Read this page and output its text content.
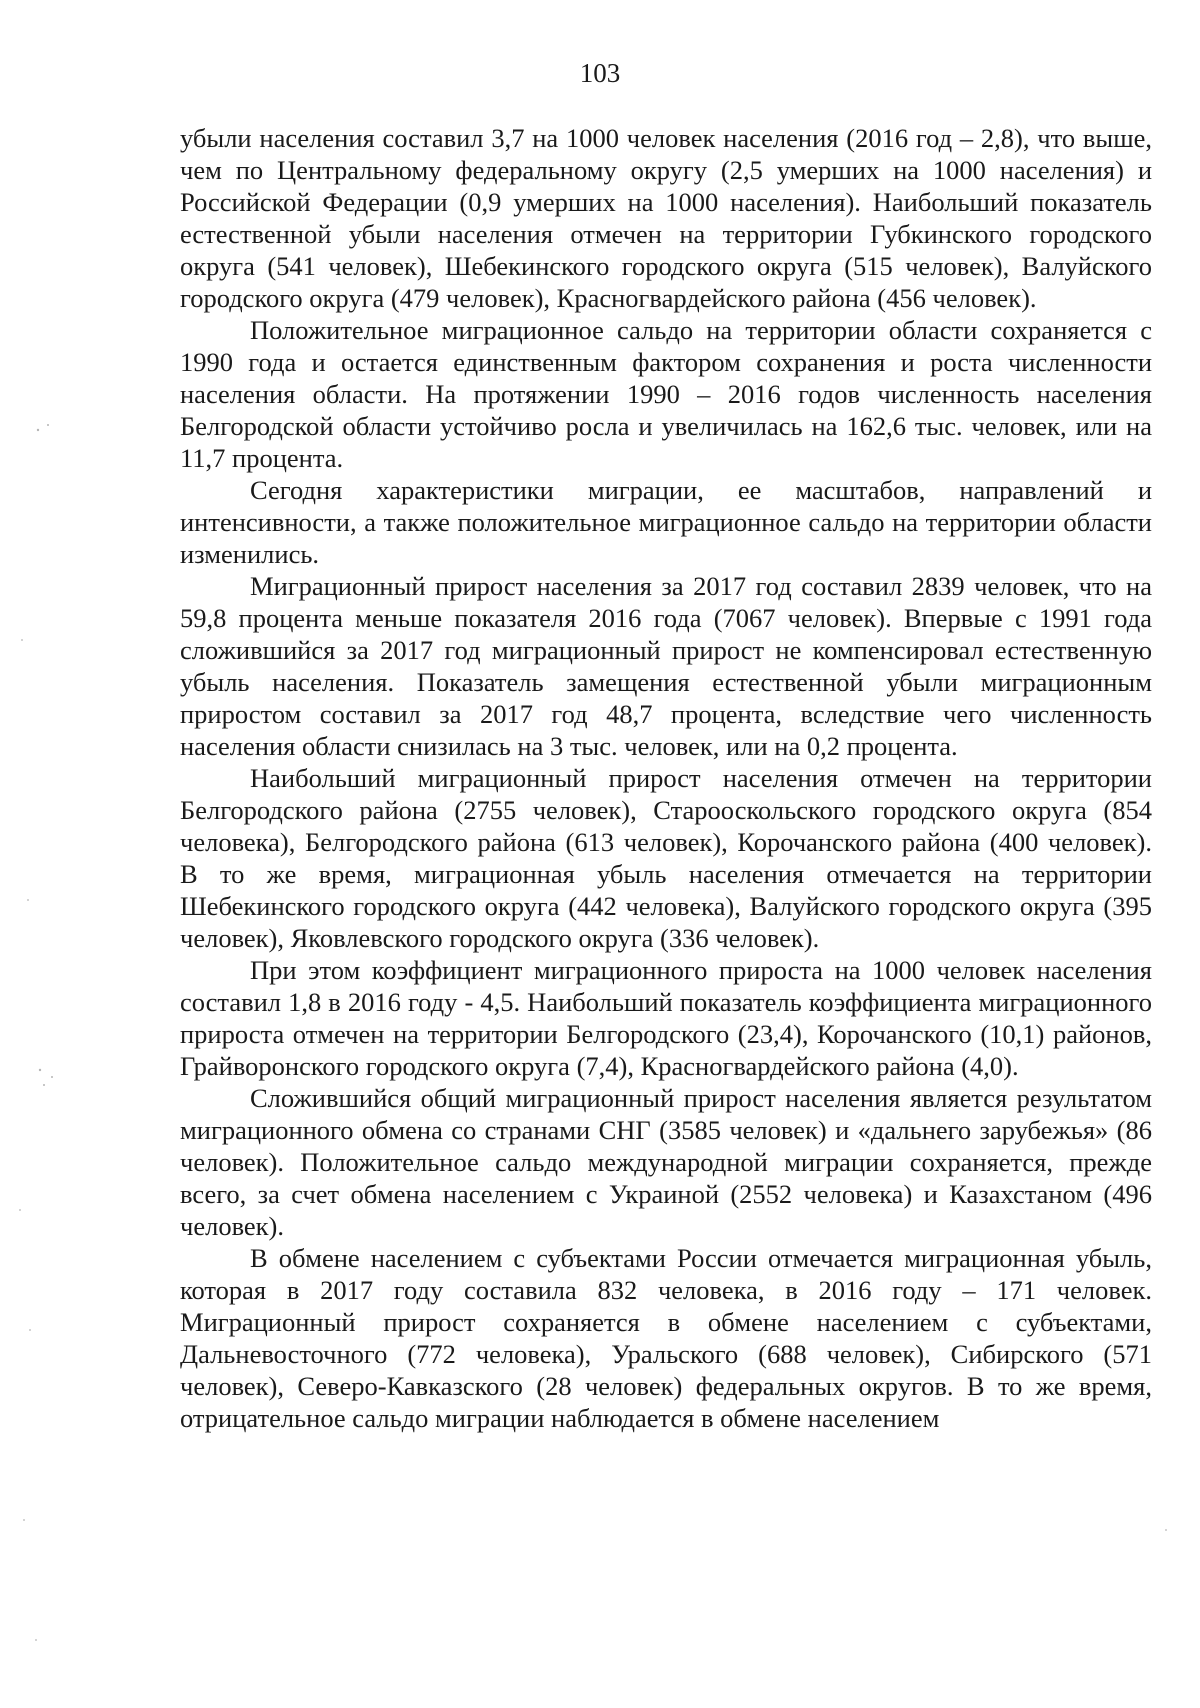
103

убыли населения составил 3,7 на 1000 человек населения (2016 год – 2,8), что выше, чем по Центральному федеральному округу (2,5 умерших на 1000 населения) и Российской Федерации (0,9 умерших на 1000 населения). Наибольший показатель естественной убыли населения отмечен на территории Губкинского городского округа (541 человек), Шебекинского городского округа (515 человек), Валуйского городского округа (479 человек), Красногвардейского района (456 человек).

Положительное миграционное сальдо на территории области сохраняется с 1990 года и остается единственным фактором сохранения и роста численности населения области. На протяжении 1990 – 2016 годов численность населения Белгородской области устойчиво росла и увеличилась на 162,6 тыс. человек, или на 11,7 процента.

Сегодня характеристики миграции, ее масштабов, направлений и интенсивности, а также положительное миграционное сальдо на территории области изменились.

Миграционный прирост населения за 2017 год составил 2839 человек, что на 59,8 процента меньше показателя 2016 года (7067 человек). Впервые с 1991 года сложившийся за 2017 год миграционный прирост не компенсировал естественную убыль населения. Показатель замещения естественной убыли миграционным приростом составил за 2017 год 48,7 процента, вследствие чего численность населения области снизилась на 3 тыс. человек, или на 0,2 процента.

Наибольший миграционный прирост населения отмечен на территории Белгородского района (2755 человек), Старооскольского городского округа (854 человека), Белгородского района (613 человек), Корочанского района (400 человек). В то же время, миграционная убыль населения отмечается на территории Шебекинского городского округа (442 человека), Валуйского городского округа (395 человек), Яковлевского городского округа (336 человек).

При этом коэффициент миграционного прироста на 1000 человек населения составил 1,8 в 2016 году - 4,5. Наибольший показатель коэффициента миграционного прироста отмечен на территории Белгородского (23,4), Корочанского (10,1) районов, Грайворонского городского округа (7,4), Красногвардейского района (4,0).

Сложившийся общий миграционный прирост населения является результатом миграционного обмена со странами СНГ (3585 человек) и «дальнего зарубежья» (86 человек). Положительное сальдо международной миграции сохраняется, прежде всего, за счет обмена населением с Украиной (2552 человека) и Казахстаном (496 человек).

В обмене населением с субъектами России отмечается миграционная убыль, которая в 2017 году составила 832 человека, в 2016 году – 171 человек. Миграционный прирост сохраняется в обмене населением с субъектами, Дальневосточного (772 человека), Уральского (688 человек), Сибирского (571 человек), Северо-Кавказского (28 человек) федеральных округов. В то же время, отрицательное сальдо миграции наблюдается в обмене населением
